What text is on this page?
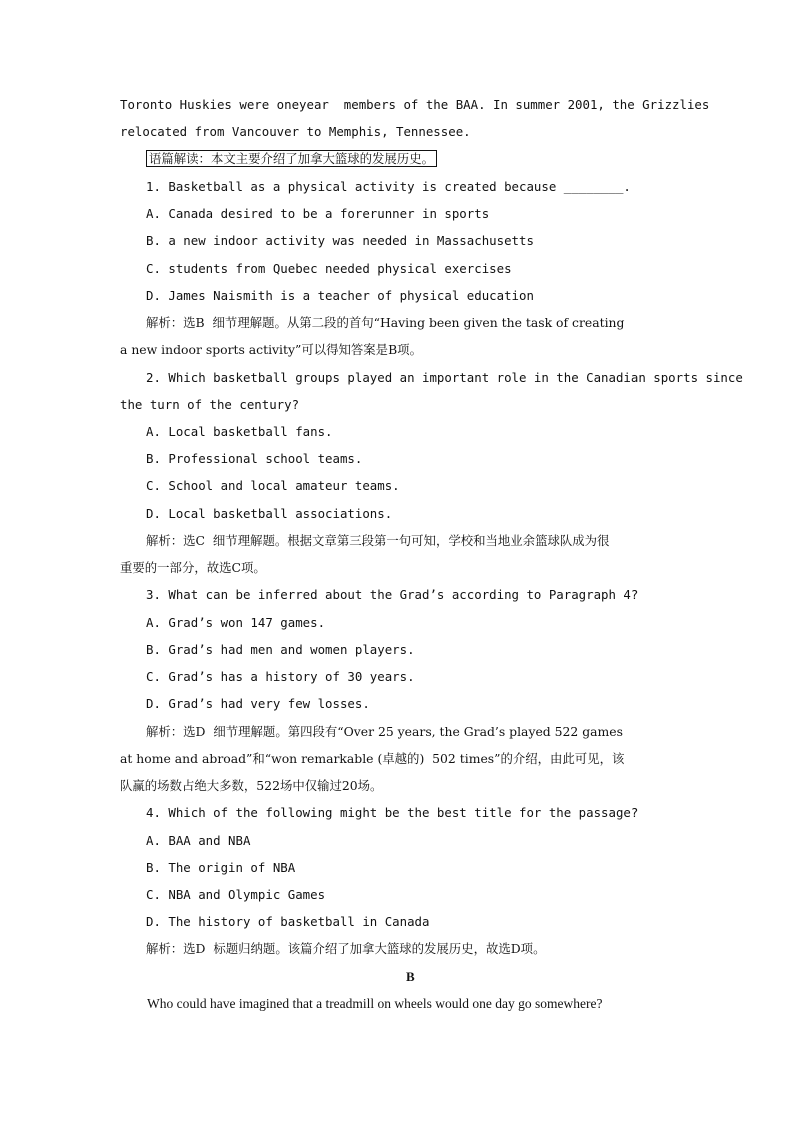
Toronto Huskies were oneyear  members of the BAA. In summer 2001, the Grizzlies
relocated from Vancouver to Memphis, Tennessee.
语篇解读：本文主要介绍了加拿大篮球的发展历史。
1. Basketball as a physical activity is created because ________.
A. Canada desired to be a forerunner in sports
B. a new indoor activity was needed in Massachusetts
C. students from Quebec needed physical exercises
D. James Naismith is a teacher of physical education
解析：选B  细节理解题。从第二段的首句“Having been given the task of creating
a new indoor sports activity”可以得知答案是B项。
2. Which basketball groups played an important role in the Canadian sports since
the turn of the century?
A. Local basketball fans.
B. Professional school teams.
C. School and local amateur teams.
D. Local basketball associations.
解析：选C  细节理解题。根据文章第三段第一句可知，学校和当地业余篮球队成为很
重要的一部分，故选C项。
3. What can be inferred about the Grad’s according to Paragraph 4?
A. Grad’s won 147 games.
B. Grad’s had men and women players.
C. Grad’s has a history of 30 years.
D. Grad’s had very few losses.
解析：选D  细节理解题。第四段有“Over 25 years, the Grad’s played 522 games
at home and abroad”和“won remarkable (卓越的)  502 times”的介绍，由此可见，该
队赢的场数占绝大多数，522场中仅输过20场。
4. Which of the following might be the best title for the passage?
A. BAA and NBA
B. The origin of NBA
C. NBA and Olympic Games
D. The history of basketball in Canada
解析：选D  标题归纳题。该篇介绍了加拿大篮球的发展历史，故选D项。
B
Who could have imagined that a treadmill on wheels would one day go somewhere?
